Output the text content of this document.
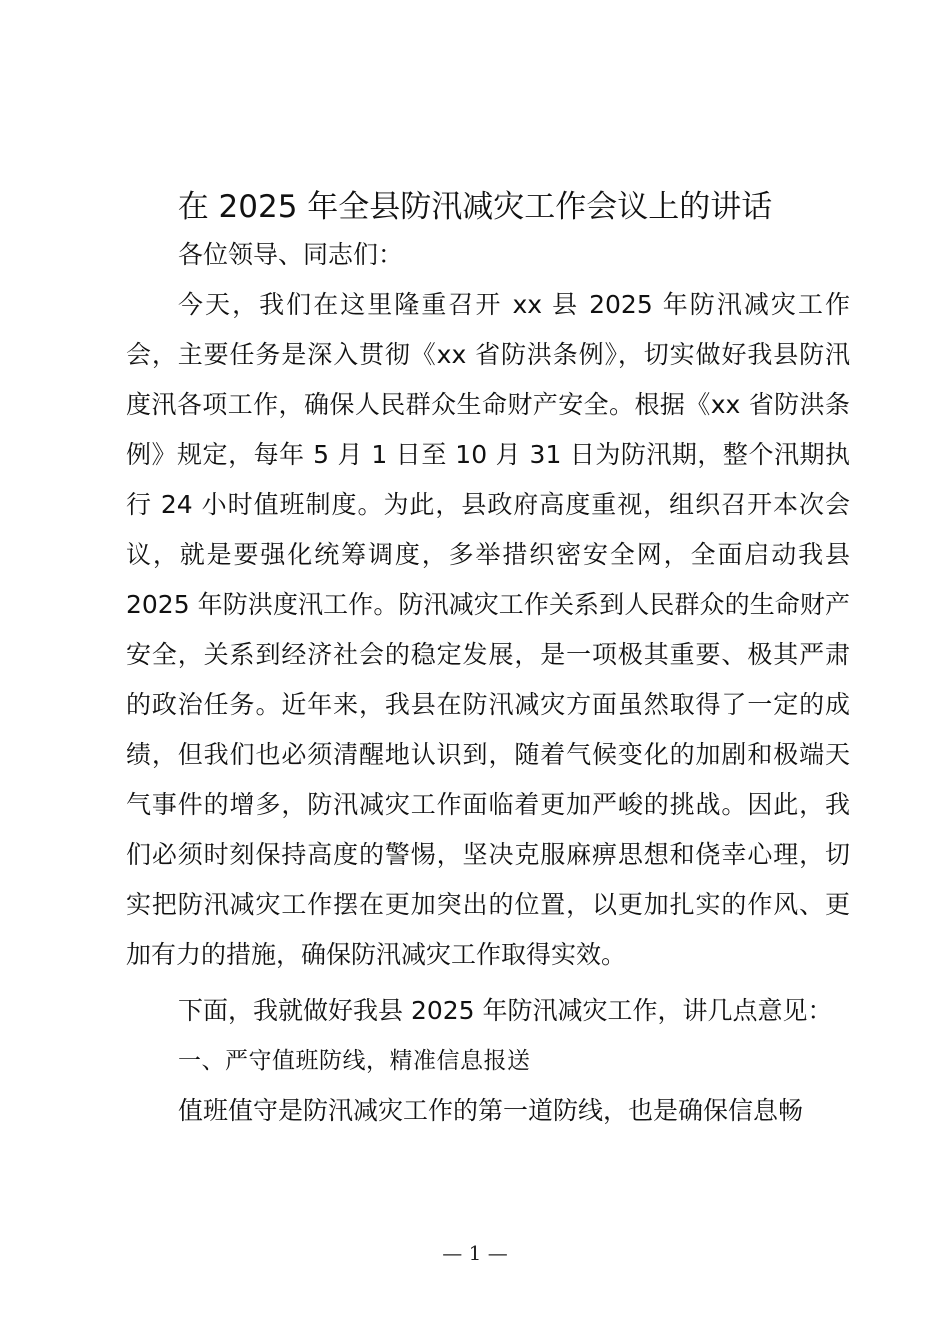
在 2025 年全县防汛减灾工作会议上的讲话

各位领导、同志们：

今天，我们在这里隆重召开 xx 县 2025 年防汛减灾工作会，主要任务是深入贯彻《xx 省防洪条例》，切实做好我县防汛度汛各项工作，确保人民群众生命财产安全。根据《xx 省防洪条例》规定，每年 5 月 1 日至 10 月 31 日为防汛期，整个汛期执行 24 小时值班制度。为此，县政府高度重视，组织召开本次会议，就是要强化统筹调度，多举措织密安全网，全面启动我县 2025 年防洪度汛工作。防汛减灾工作关系到人民群众的生命财产安全，关系到经济社会的稳定发展，是一项极其重要、极其严肃的政治任务。近年来，我县在防汛减灾方面虽然取得了一定的成绩，但我们也必须清醒地认识到，随着气候变化的加剧和极端天气事件的增多，防汛减灾工作面临着更加严峻的挑战。因此，我们必须时刻保持高度的警惕，坚决克服麻痹思想和侥幸心理，切实把防汛减灾工作摆在更加突出的位置，以更加扎实的作风、更加有力的措施，确保防汛减灾工作取得实效。

下面，我就做好我县 2025 年防汛减灾工作，讲几点意见：

一、严守值班防线，精准信息报送

值班值守是防汛减灾工作的第一道防线，也是确保信息畅

— 1 —
